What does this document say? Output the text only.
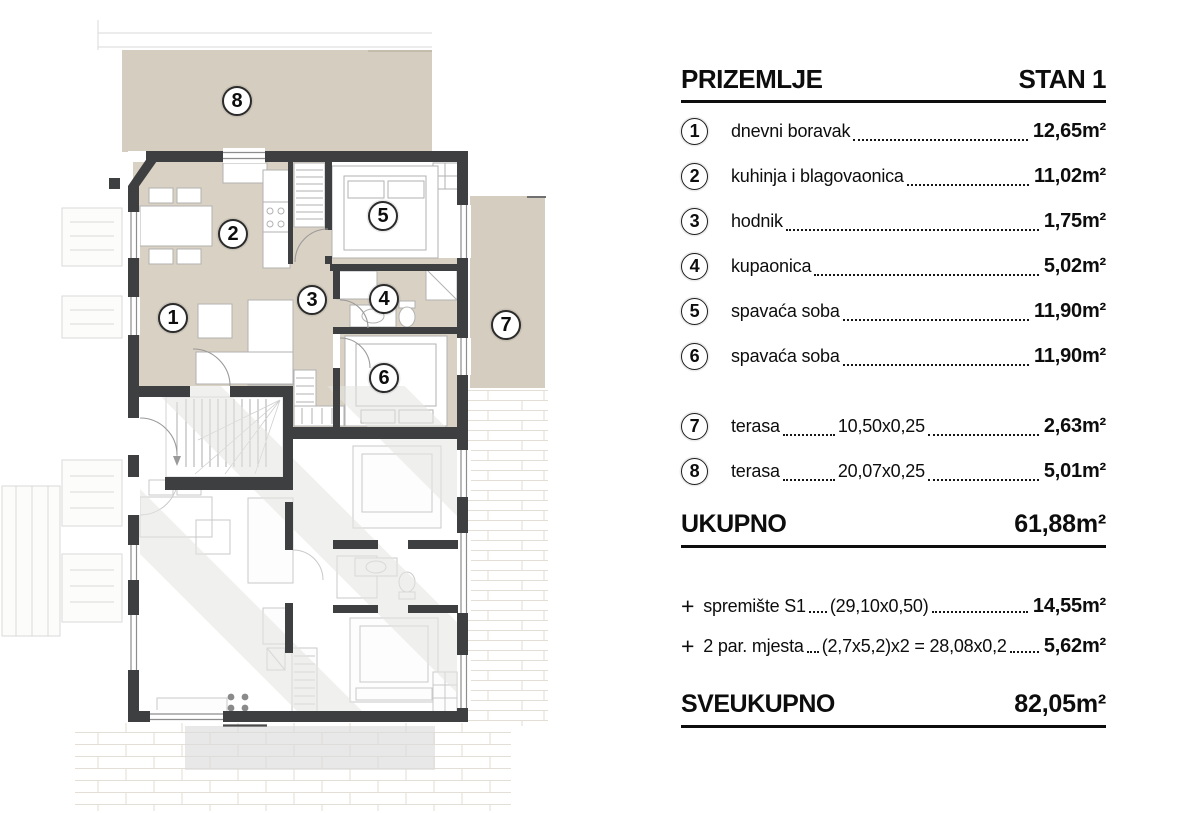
1
2
3	4
5
6
7
8
PRIZEMLJE	STAN 1
1 dnevni boravak	12,65m²
2 kuhinja i blagovaonica	11,02m²
3 hodnik	1,75m²
4 kupaonica	5,02m²
5 spavaća soba	11,90m²
6 spavaća soba	11,90m²
7 terasa	10,50x0,25	2,63m²
8 terasa	20,07x0,25	5,01m²
UKUPNO	61,88m²
+ spremište S1 (29,10x0,50)	14,55m²
+ 2 par. mjesta (2,7x5,2)x2 = 28,08x0,2 5,62m²
SVEUKUPNO	82,05m²
